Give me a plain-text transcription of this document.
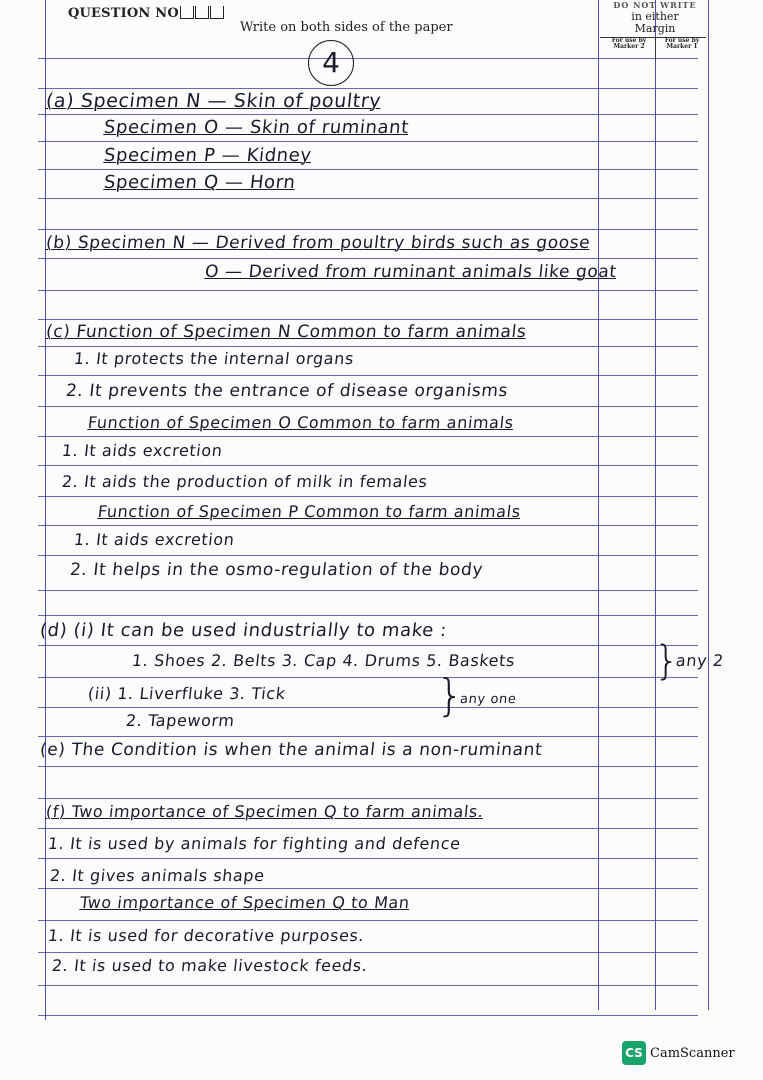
QUESTION NO
Write on both sides of the paper
DO NOT WRITE
in either
Margin
For use by Marker 2
For use by Marker 1
4
(a) Specimen N — Skin of poultry
Specimen O — Skin of ruminant
Specimen P — Kidney
Specimen Q — Horn
(b) Specimen N — Derived from poultry birds such as goose
O — Derived from ruminant animals like goat
(c) Function of Specimen N Common to farm animals
1. It protects the internal organs
2. It prevents the entrance of disease organisms
Function of Specimen O Common to farm animals
1. It aids excretion
2. It aids the production of milk in females
Function of Specimen P Common to farm animals
1. It aids excretion
2. It helps in the osmo-regulation of the body
(d) (i) It can be used industrially to make :
1. Shoes 2. Belts 3. Cap 4. Drums 5. Baskets	}
any 2
(ii) 1. Liverfluke 3. Tick	}
any one
2. Tapeworm
(e) The Condition is when the animal is a non-ruminant
(f) Two importance of Specimen Q to farm animals.
1. It is used by animals for fighting and defence
2. It gives animals shape
Two importance of Specimen Q to Man
1. It is used for decorative purposes.
2. It is used to make livestock feeds.
CS CamScanner
